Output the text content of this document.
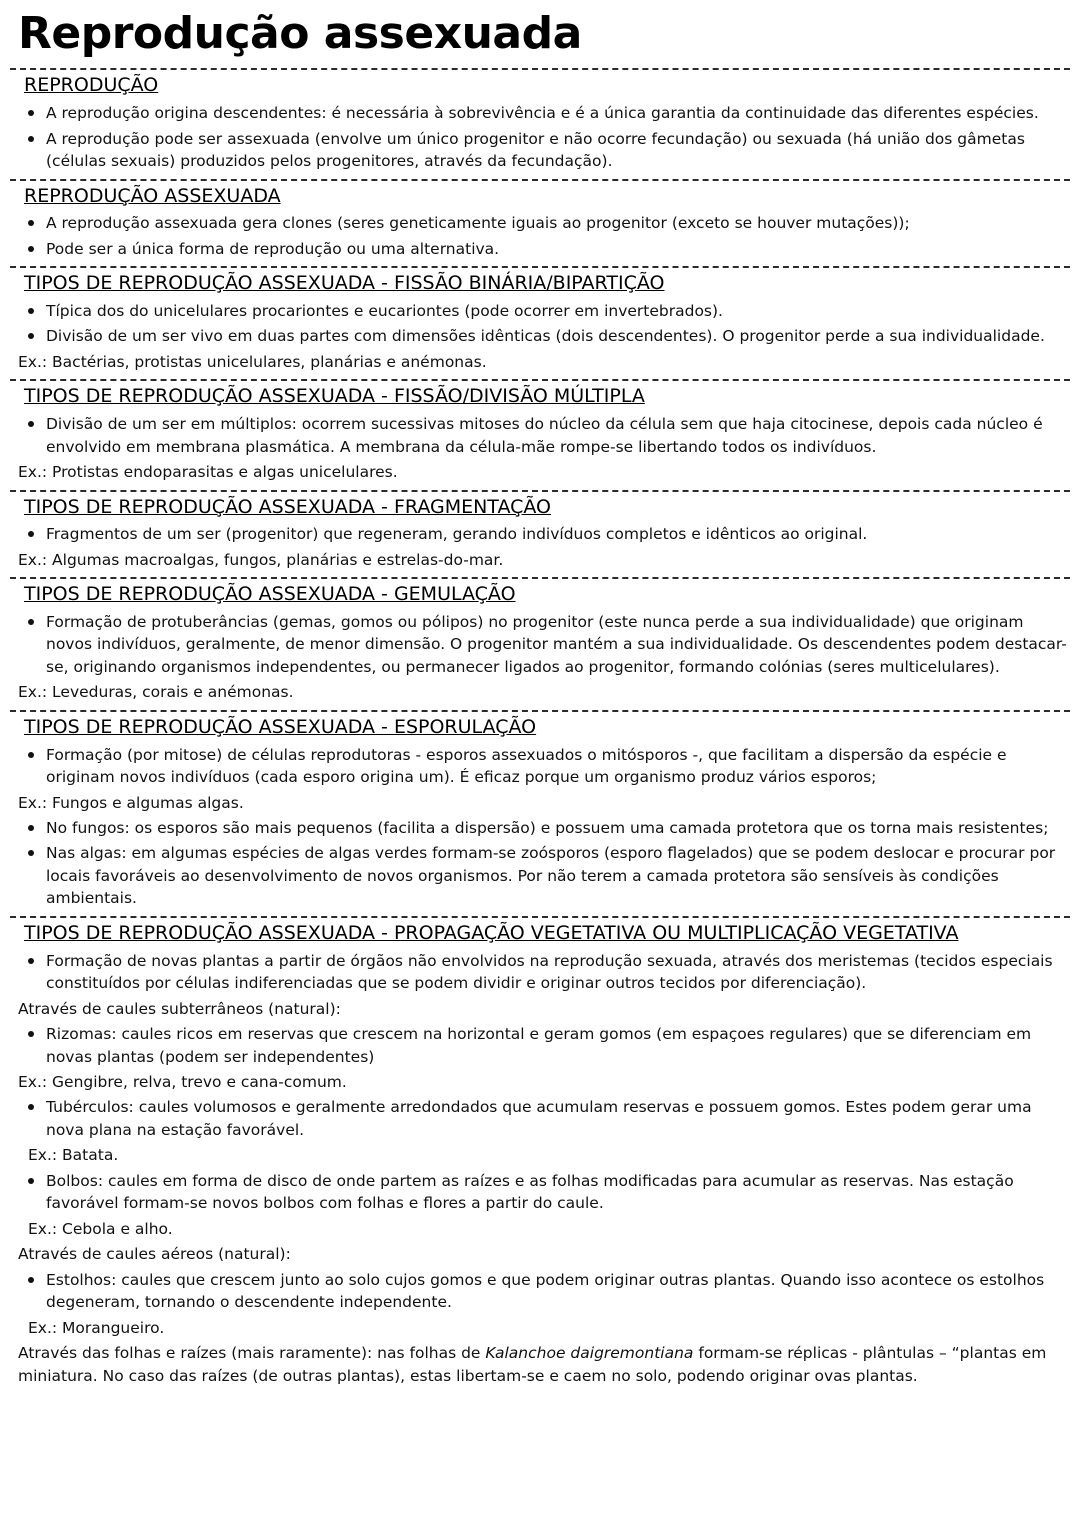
Reprodução assexuada
REPRODUÇÃO
A reprodução origina descendentes: é necessária à sobrevivência e é a única garantia da continuidade das diferentes espécies.
A reprodução pode ser assexuada (envolve um único progenitor e não ocorre fecundação) ou sexuada (há união dos gâmetas (células sexuais) produzidos pelos progenitores, através da fecundação).
REPRODUÇÃO ASSEXUADA
A reprodução assexuada gera clones (seres geneticamente iguais ao progenitor (exceto se houver mutações));
Pode ser a única forma de reprodução ou uma alternativa.
TIPOS DE REPRODUÇÃO ASSEXUADA - FISSÃO BINÁRIA/BIPARTIÇÃO
Típica dos do unicelulares procariontes e eucariontes (pode ocorrer em invertebrados).
Divisão de um ser vivo em duas partes com dimensões idênticas (dois descendentes). O progenitor perde a sua individualidade.
Ex.: Bactérias, protistas unicelulares, planárias e anémonas.
TIPOS DE REPRODUÇÃO ASSEXUADA - FISSÃO/DIVISÃO MÚLTIPLA
Divisão de um ser em múltiplos: ocorrem sucessivas mitoses do núcleo da célula sem que haja citocinese, depois cada núcleo é envolvido em membrana plasmática. A membrana da célula-mãe rompe-se libertando todos os indivíduos.
Ex.: Protistas endoparasitas e algas unicelulares.
TIPOS DE REPRODUÇÃO ASSEXUADA - FRAGMENTAÇÃO
Fragmentos de um ser (progenitor) que regeneram, gerando indivíduos completos e idênticos ao original.
Ex.: Algumas macroalgas, fungos, planárias e estrelas-do-mar.
TIPOS DE REPRODUÇÃO ASSEXUADA - GEMULAÇÃO
Formação de protuberâncias (gemas, gomos ou pólipos) no progenitor (este nunca perde a sua individualidade) que originam novos indivíduos, geralmente, de menor dimensão. O progenitor mantém a sua individualidade. Os descendentes podem destacar-se, originando organismos independentes, ou permanecer ligados ao progenitor, formando colónias (seres multicelulares).
Ex.: Leveduras, corais e anémonas.
TIPOS DE REPRODUÇÃO ASSEXUADA - ESPORULAÇÃO
Formação (por mitose) de células reprodutoras - esporos assexuados o mitósporos -, que facilitam a dispersão da espécie e originam novos indivíduos (cada esporo origina um). É eficaz porque um organismo produz vários esporos;
Ex.: Fungos e algumas algas.
No fungos: os esporos são mais pequenos (facilita a dispersão) e possuem uma camada protetora que os torna mais resistentes;
Nas algas: em algumas espécies de algas verdes formam-se zoósporos (esporo flagelados) que se podem deslocar e procurar por locais favoráveis ao desenvolvimento de novos organismos. Por não terem a camada protetora são sensíveis às condições ambientais.
TIPOS DE REPRODUÇÃO ASSEXUADA - PROPAGAÇÃO VEGETATIVA OU MULTIPLICAÇÃO VEGETATIVA
Formação de novas plantas a partir de órgãos não envolvidos na reprodução sexuada, através dos meristemas (tecidos especiais constituídos por células indiferenciadas que se podem dividir e originar outros tecidos por diferenciação).
Através de caules subterrâneos (natural):
Rizomas: caules ricos em reservas que crescem na horizontal e geram gomos (em espaçoes regulares) que se diferenciam em novas plantas (podem ser independentes)
Ex.: Gengibre, relva, trevo e cana-comum.
Tubérculos: caules volumosos e geralmente arredondados que acumulam reservas e possuem gomos. Estes podem gerar uma nova plana na estação favorável.
Ex.: Batata.
Bolbos: caules em forma de disco de onde partem as raízes e as folhas modificadas para acumular as reservas. Nas estação favorável formam-se novos bolbos com folhas e flores a partir do caule.
Ex.: Cebola e alho.
Através de caules aéreos (natural):
Estolhos: caules que crescem junto ao solo cujos gomos e que podem originar outras plantas. Quando isso acontece os estolhos degeneram, tornando o descendente independente.
Ex.: Morangueiro.
Através das folhas e raízes (mais raramente): nas folhas de Kalanchoe daigremontiana formam-se réplicas - plântulas – “plantas em miniatura. No caso das raízes (de outras plantas), estas libertam-se e caem no solo, podendo originar ovas plantas.
